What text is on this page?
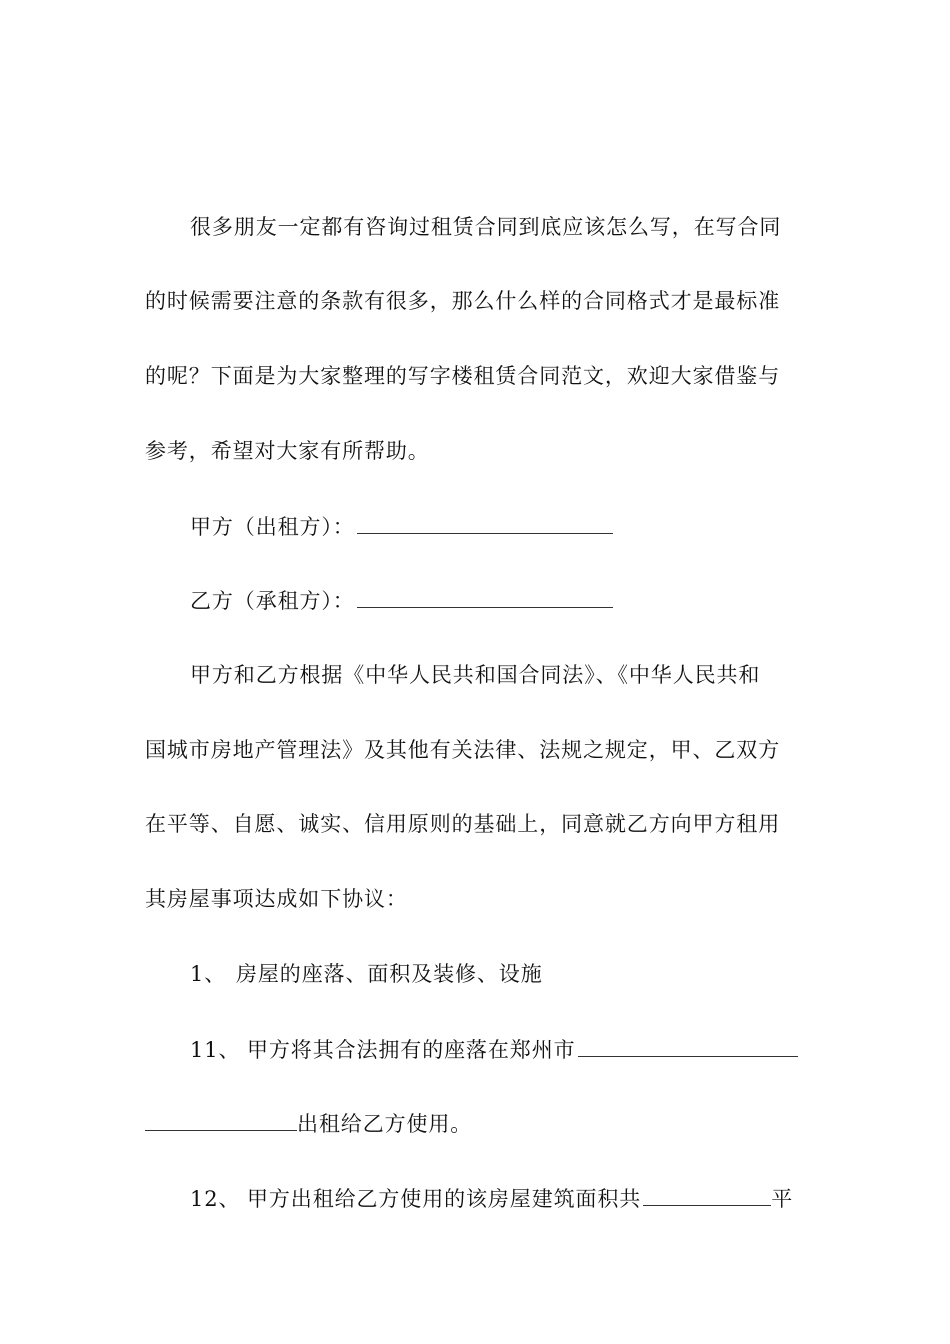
很多朋友一定都有咨询过租赁合同到底应该怎么写，在写合同
的时候需要注意的条款有很多，那么什么样的合同格式才是最标准
的呢？下面是为大家整理的写字楼租赁合同范文，欢迎大家借鉴与
参考，希望对大家有所帮助。
甲方（出租方）：
乙方（承租方）：
甲方和乙方根据《中华人民共和国合同法》、《中华人民共和
国城市房地产管理法》及其他有关法律、法规之规定，甲、乙双方
在平等、自愿、诚实、信用原则的基础上，同意就乙方向甲方租用
其房屋事项达成如下协议：
1、 房屋的座落、面积及装修、设施
11、 甲方将其合法拥有的座落在郑州市
出租给乙方使用。
12、 甲方出租给乙方使用的该房屋建筑面积共	平
